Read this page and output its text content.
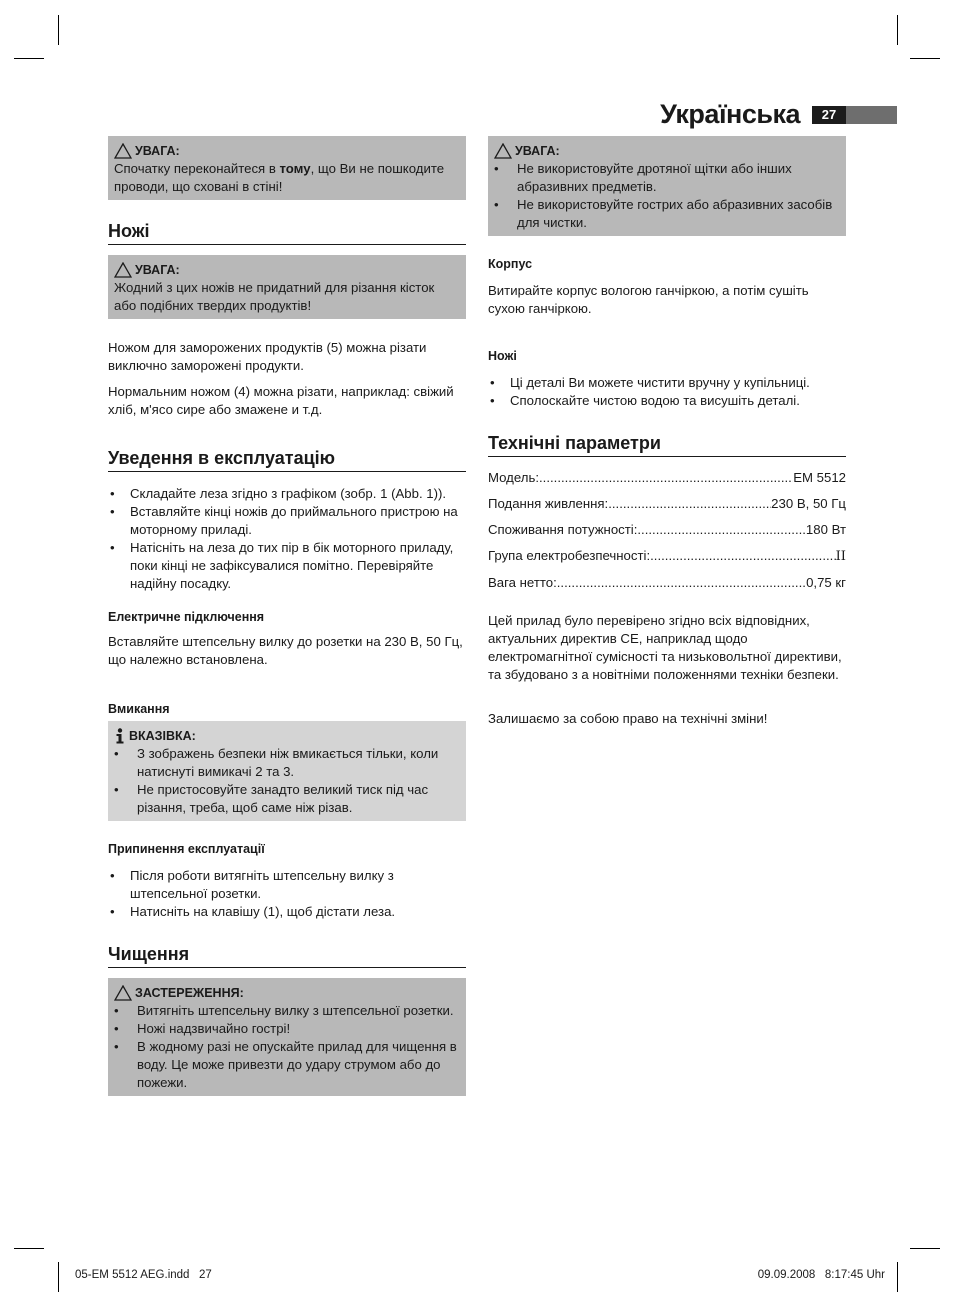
Українська	27
УВАГА :
Спочатку переконайтеся в тому, що Ви не пошкодите проводи, що сховані в стіні!
Ножі
УВАГА :
Жодний з цих ножів не придатний для різання кісток або подібних твердих продуктів!

Ножом для заморожених продуктів (5) можна різати виключно заморожені продукти.

Нормальним ножом (4) можна різати, наприклад: свіжий хліб, м'ясо сире або змажене и т.д.

Уведення в експлуатацію
• Складайте леза згідно з графіком (зобр. 1 (Abb. 1)).
• Вставляйте кінці ножів до приймального пристрою на моторному приладі.
• Натісніть на леза до тих пір в бік моторного приладу, поки кінці не зафіксувалися помітно. Перевіряйте надійну посадку.
Електричне підключення

Вставляйте штепсельну вилку до розетки на 230 В, 50 Гц, що належно встановлена.

Вмикання
ВКАЗІВКА :
• З зображень безпеки ніж вмикається тільки, коли натиснуті вимикачі 2 та 3.
• Не пристосовуйте занадто великий тиск під час різання, треба, щоб саме ніж різав.
Припинення експлуатації
• Після роботи витягніть штепсельну вилку з штепсельної розетки.
• Натисніть на клавішу (1), щоб дістати леза.
Чищення
ЗАСТЕРЕЖЕННЯ :
• Витягніть штепсельну вилку з штепсельної розетки.
• Ножі надзвичайно гострі!
• В жодному разі не опускайте прилад для чищення в воду. Це може привезти до удару струмом або до пожежи.
УВАГА :
• Не використовуйте дротяної щітки або інших абразивних предметів.
• Не використовуйте гострих або абразивних засобів для чистки.
Корпус

Витирайте корпус вологою ганчіркою, а потім сушіть сухою ганчіркою.

Ножі
• Ці деталі Ви можете чистити вручну у купільниці.
• Сполоскайте чистою водою та висушіть деталі.
Технічні параметри
Модель: .....	EM 5512
Подання живлення: .....	230 В, 50 Гц
Споживання потужності: .....	180 Вт
Група електробезпечності: .....	II
Вага нетто: .....	0,75 кг

Цей прилад було перевірено згідно всіх відповідних, актуальних директив СЕ, наприклад щодо електромагнітної сумісності та низьковольтної директиви, та збудовано з а новітніми положеннями техніки безпеки.

Залишаємо за собою право на технічні зміни!

05-EM 5512 AEG.indd   27	09.09.2008   8:17:45 Uhr
